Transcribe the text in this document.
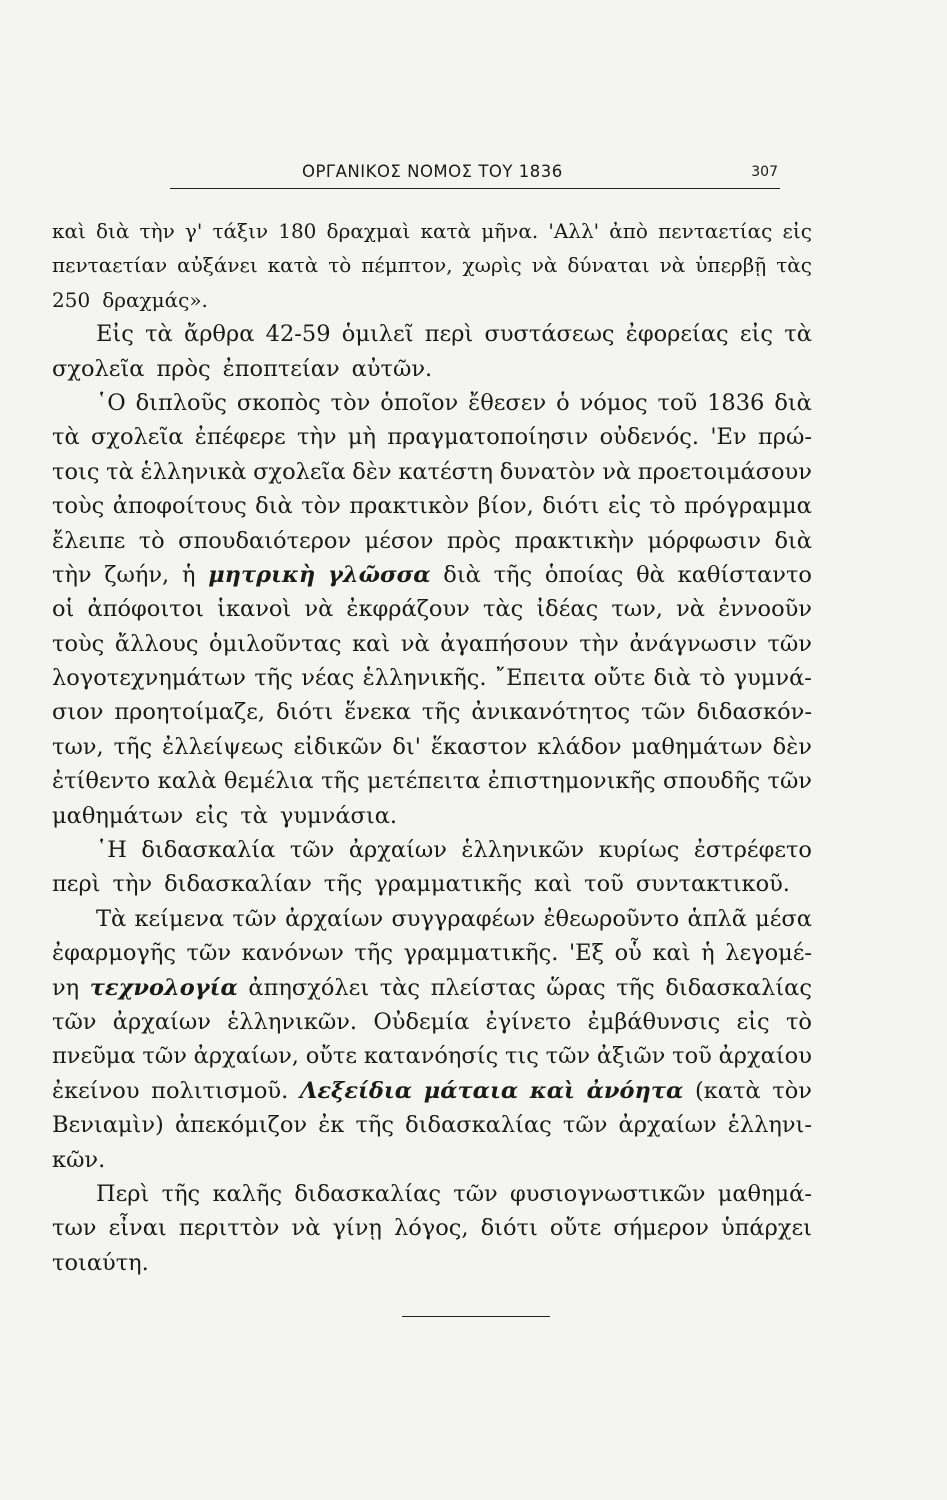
ΟΡΓΑΝΙΚΟΣ ΝΟΜΟΣ ΤΟΥ 1836	307
καὶ διὰ τὴν γ' τάξιν 180 δραχμαὶ κατὰ μῆνα. 'Αλλ' ἀπὸ πενταετίας εἰς
πενταετίαν αὐξάνει κατὰ τὸ πέμπτον, χωρὶς νὰ δύναται νὰ ὑπερβῇ τὰς
250 δραχμάς».
Εἰς τὰ ἄρθρα 42-59 ὁμιλεῖ περὶ συστάσεως ἐφορείας εἰς τὰ
σχολεῖα πρὸς ἐποπτείαν αὐτῶν.
῾Ο διπλοῦς σκοπὸς τὸν ὁποῖον ἔθεσεν ὁ νόμος τοῦ 1836 διὰ
τὰ σχολεῖα ἐπέφερε τὴν μὴ πραγματοποίησιν οὐδενός. 'Εν πρώ-
τοις τὰ ἑλληνικὰ σχολεῖα δὲν κατέστη δυνατὸν νὰ προετοιμάσουν
τοὺς ἀποφοίτους διὰ τὸν πρακτικὸν βίον, διότι εἰς τὸ πρόγραμμα
ἔλειπε τὸ σπουδαιότερον μέσον πρὸς πρακτικὴν μόρφωσιν διὰ
τὴν ζωήν, ἡ μητρικὴ γλῶσσα διὰ τῆς ὁποίας θὰ καθίσταντο
οἱ ἀπόφοιτοι ἱκανοὶ νὰ ἐκφράζουν τὰς ἰδέας των, νὰ ἐννοοῦν
τοὺς ἄλλους ὁμιλοῦντας καὶ νὰ ἀγαπήσουν τὴν ἀνάγνωσιν τῶν
λογοτεχνημάτων τῆς νέας ἑλληνικῆς. ῎Επειτα οὔτε διὰ τὸ γυμνά-
σιον προητοίμαζε, διότι ἕνεκα τῆς ἀνικανότητος τῶν διδασκόν-
των, τῆς ἐλλείψεως εἰδικῶν δι' ἕκαστον κλάδον μαθημάτων δὲν
ἐτίθεντο καλὰ θεμέλια τῆς μετέπειτα ἐπιστημονικῆς σπουδῆς τῶν
μαθημάτων εἰς τὰ γυμνάσια.
῾Η διδασκαλία τῶν ἀρχαίων ἑλληνικῶν κυρίως ἐστρέφετο
περὶ τὴν διδασκαλίαν τῆς γραμματικῆς καὶ τοῦ συντακτικοῦ.
Τὰ κείμενα τῶν ἀρχαίων συγγραφέων ἐθεωροῦντο ἁπλᾶ μέσα
ἐφαρμογῆς τῶν κανόνων τῆς γραμματικῆς. 'Εξ οὗ καὶ ἡ λεγομέ-
νη τεχνολογία ἀπησχόλει τὰς πλείστας ὥρας τῆς διδασκαλίας
τῶν ἀρχαίων ἑλληνικῶν. Οὐδεμία ἐγίνετο ἐμβάθυνσις εἰς τὸ
πνεῦμα τῶν ἀρχαίων, οὔτε κατανόησίς τις τῶν ἀξιῶν τοῦ ἀρχαίου
ἐκείνου πολιτισμοῦ. Λεξείδια μάταια καὶ ἀνόητα (κατὰ τὸν
Βενιαμὶν) ἀπεκόμιζον ἐκ τῆς διδασκαλίας τῶν ἀρχαίων ἑλληνι-
κῶν.
Περὶ τῆς καλῆς διδασκαλίας τῶν φυσιογνωστικῶν μαθημά-
των εἶναι περιττὸν νὰ γίνῃ λόγος, διότι οὔτε σήμερον ὑπάρχει
τοιαύτη.
